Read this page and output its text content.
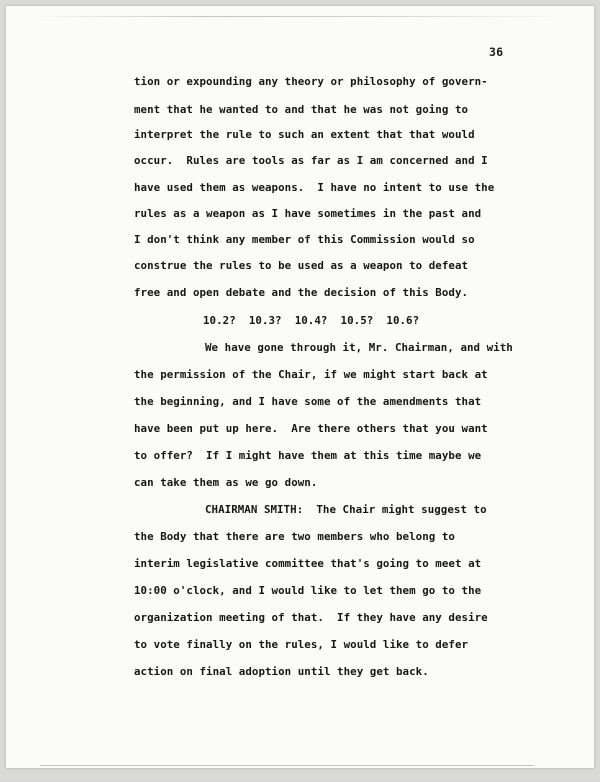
36
tion or expounding any theory or philosophy of govern-
ment that he wanted to and that he was not going to
interpret the rule to such an extent that that would
occur.  Rules are tools as far as I am concerned and I
have used them as weapons.  I have no intent to use the
rules as a weapon as I have sometimes in the past and
I don't think any member of this Commission would so
construe the rules to be used as a weapon to defeat
free and open debate and the decision of this Body.
10.2?  10.3?  10.4?  10.5?  10.6?
We have gone through it, Mr. Chairman, and with
the permission of the Chair, if we might start back at
the beginning, and I have some of the amendments that
have been put up here.  Are there others that you want
to offer?  If I might have them at this time maybe we
can take them as we go down.
CHAIRMAN SMITH:  The Chair might suggest to
the Body that there are two members who belong to
interim legislative committee that's going to meet at
10:00 o'clock, and I would like to let them go to the
organization meeting of that.  If they have any desire
to vote finally on the rules, I would like to defer
action on final adoption until they get back.
